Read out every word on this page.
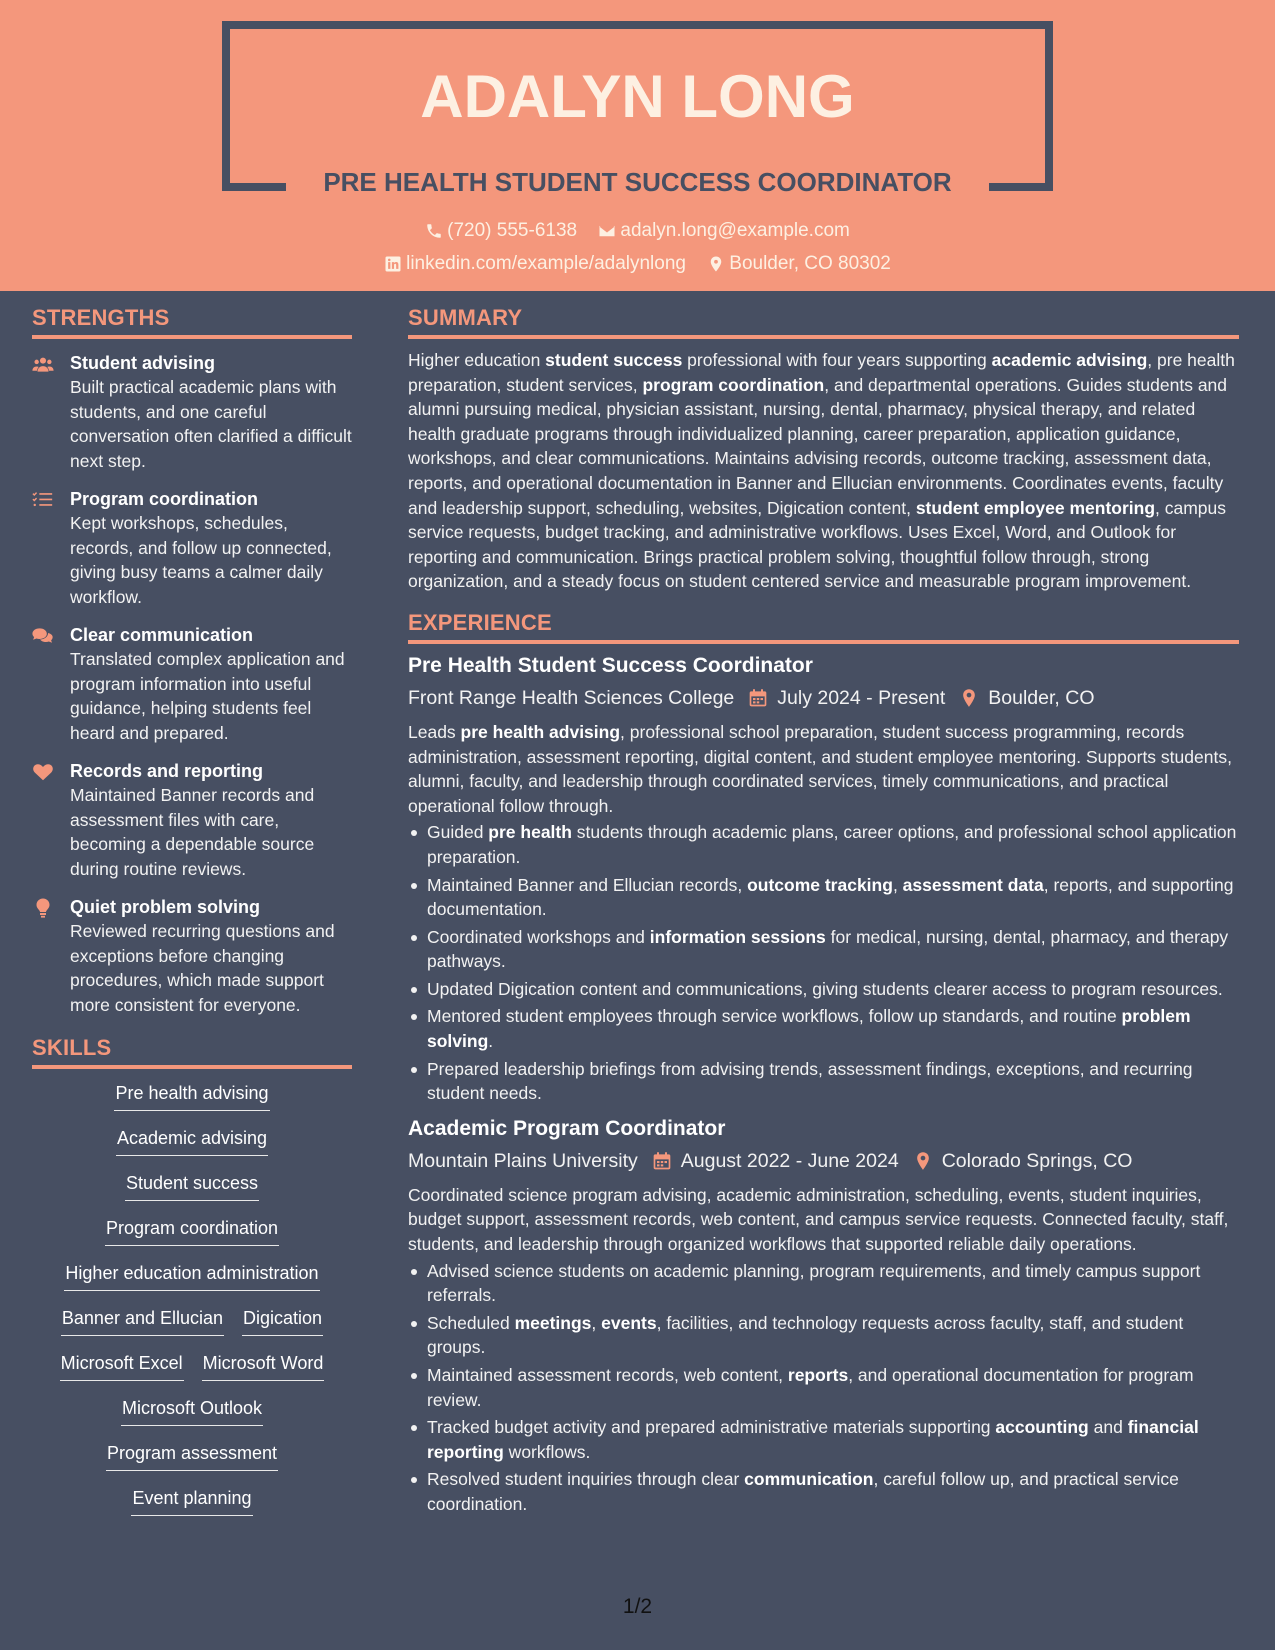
ADALYN LONG
PRE HEALTH STUDENT SUCCESS COORDINATOR
(720) 555-6138
adalyn.long@example.com
linkedin.com/example/adalynlong
Boulder, CO 80302
STRENGTHS
Student advising
Built practical academic plans with students, and one careful conversation often clarified a difficult next step.
Program coordination
Kept workshops, schedules, records, and follow up connected, giving busy teams a calmer daily workflow.
Clear communication
Translated complex application and program information into useful guidance, helping students feel heard and prepared.
Records and reporting
Maintained Banner records and assessment files with care, becoming a dependable source during routine reviews.
Quiet problem solving
Reviewed recurring questions and exceptions before changing procedures, which made support more consistent for everyone.
SKILLS
Pre health advising
Academic advising
Student success
Program coordination
Higher education administration
Banner and Ellucian Digication
Microsoft Excel Microsoft Word
Microsoft Outlook
Program assessment
Event planning
SUMMARY
Higher education student success professional with four years supporting academic advising, pre health preparation, student services, program coordination, and departmental operations. Guides students and alumni pursuing medical, physician assistant, nursing, dental, pharmacy, physical therapy, and related health graduate programs through individualized planning, career preparation, application guidance, workshops, and clear communications. Maintains advising records, outcome tracking, assessment data, reports, and operational documentation in Banner and Ellucian environments. Coordinates events, faculty and leadership support, scheduling, websites, Digication content, student employee mentoring, campus service requests, budget tracking, and administrative workflows. Uses Excel, Word, and Outlook for reporting and communication. Brings practical problem solving, thoughtful follow through, strong organization, and a steady focus on student centered service and measurable program improvement.
EXPERIENCE
Pre Health Student Success Coordinator
Front Range Health Sciences College July 2024 - Present Boulder, CO
Leads pre health advising, professional school preparation, student success programming, records administration, assessment reporting, digital content, and student employee mentoring. Supports students, alumni, faculty, and leadership through coordinated services, timely communications, and practical operational follow through.
Guided pre health students through academic plans, career options, and professional school application preparation.
Maintained Banner and Ellucian records, outcome tracking, assessment data, reports, and supporting documentation.
Coordinated workshops and information sessions for medical, nursing, dental, pharmacy, and therapy pathways.
Updated Digication content and communications, giving students clearer access to program resources.
Mentored student employees through service workflows, follow up standards, and routine problem solving.
Prepared leadership briefings from advising trends, assessment findings, exceptions, and recurring student needs.
Academic Program Coordinator
Mountain Plains University August 2022 - June 2024 Colorado Springs, CO
Coordinated science program advising, academic administration, scheduling, events, student inquiries, budget support, assessment records, web content, and campus service requests. Connected faculty, staff, students, and leadership through organized workflows that supported reliable daily operations.
Advised science students on academic planning, program requirements, and timely campus support referrals.
Scheduled meetings, events, facilities, and technology requests across faculty, staff, and student groups.
Maintained assessment records, web content, reports, and operational documentation for program review.
Tracked budget activity and prepared administrative materials supporting accounting and financial reporting workflows.
Resolved student inquiries through clear communication, careful follow up, and practical service coordination.
1/2
